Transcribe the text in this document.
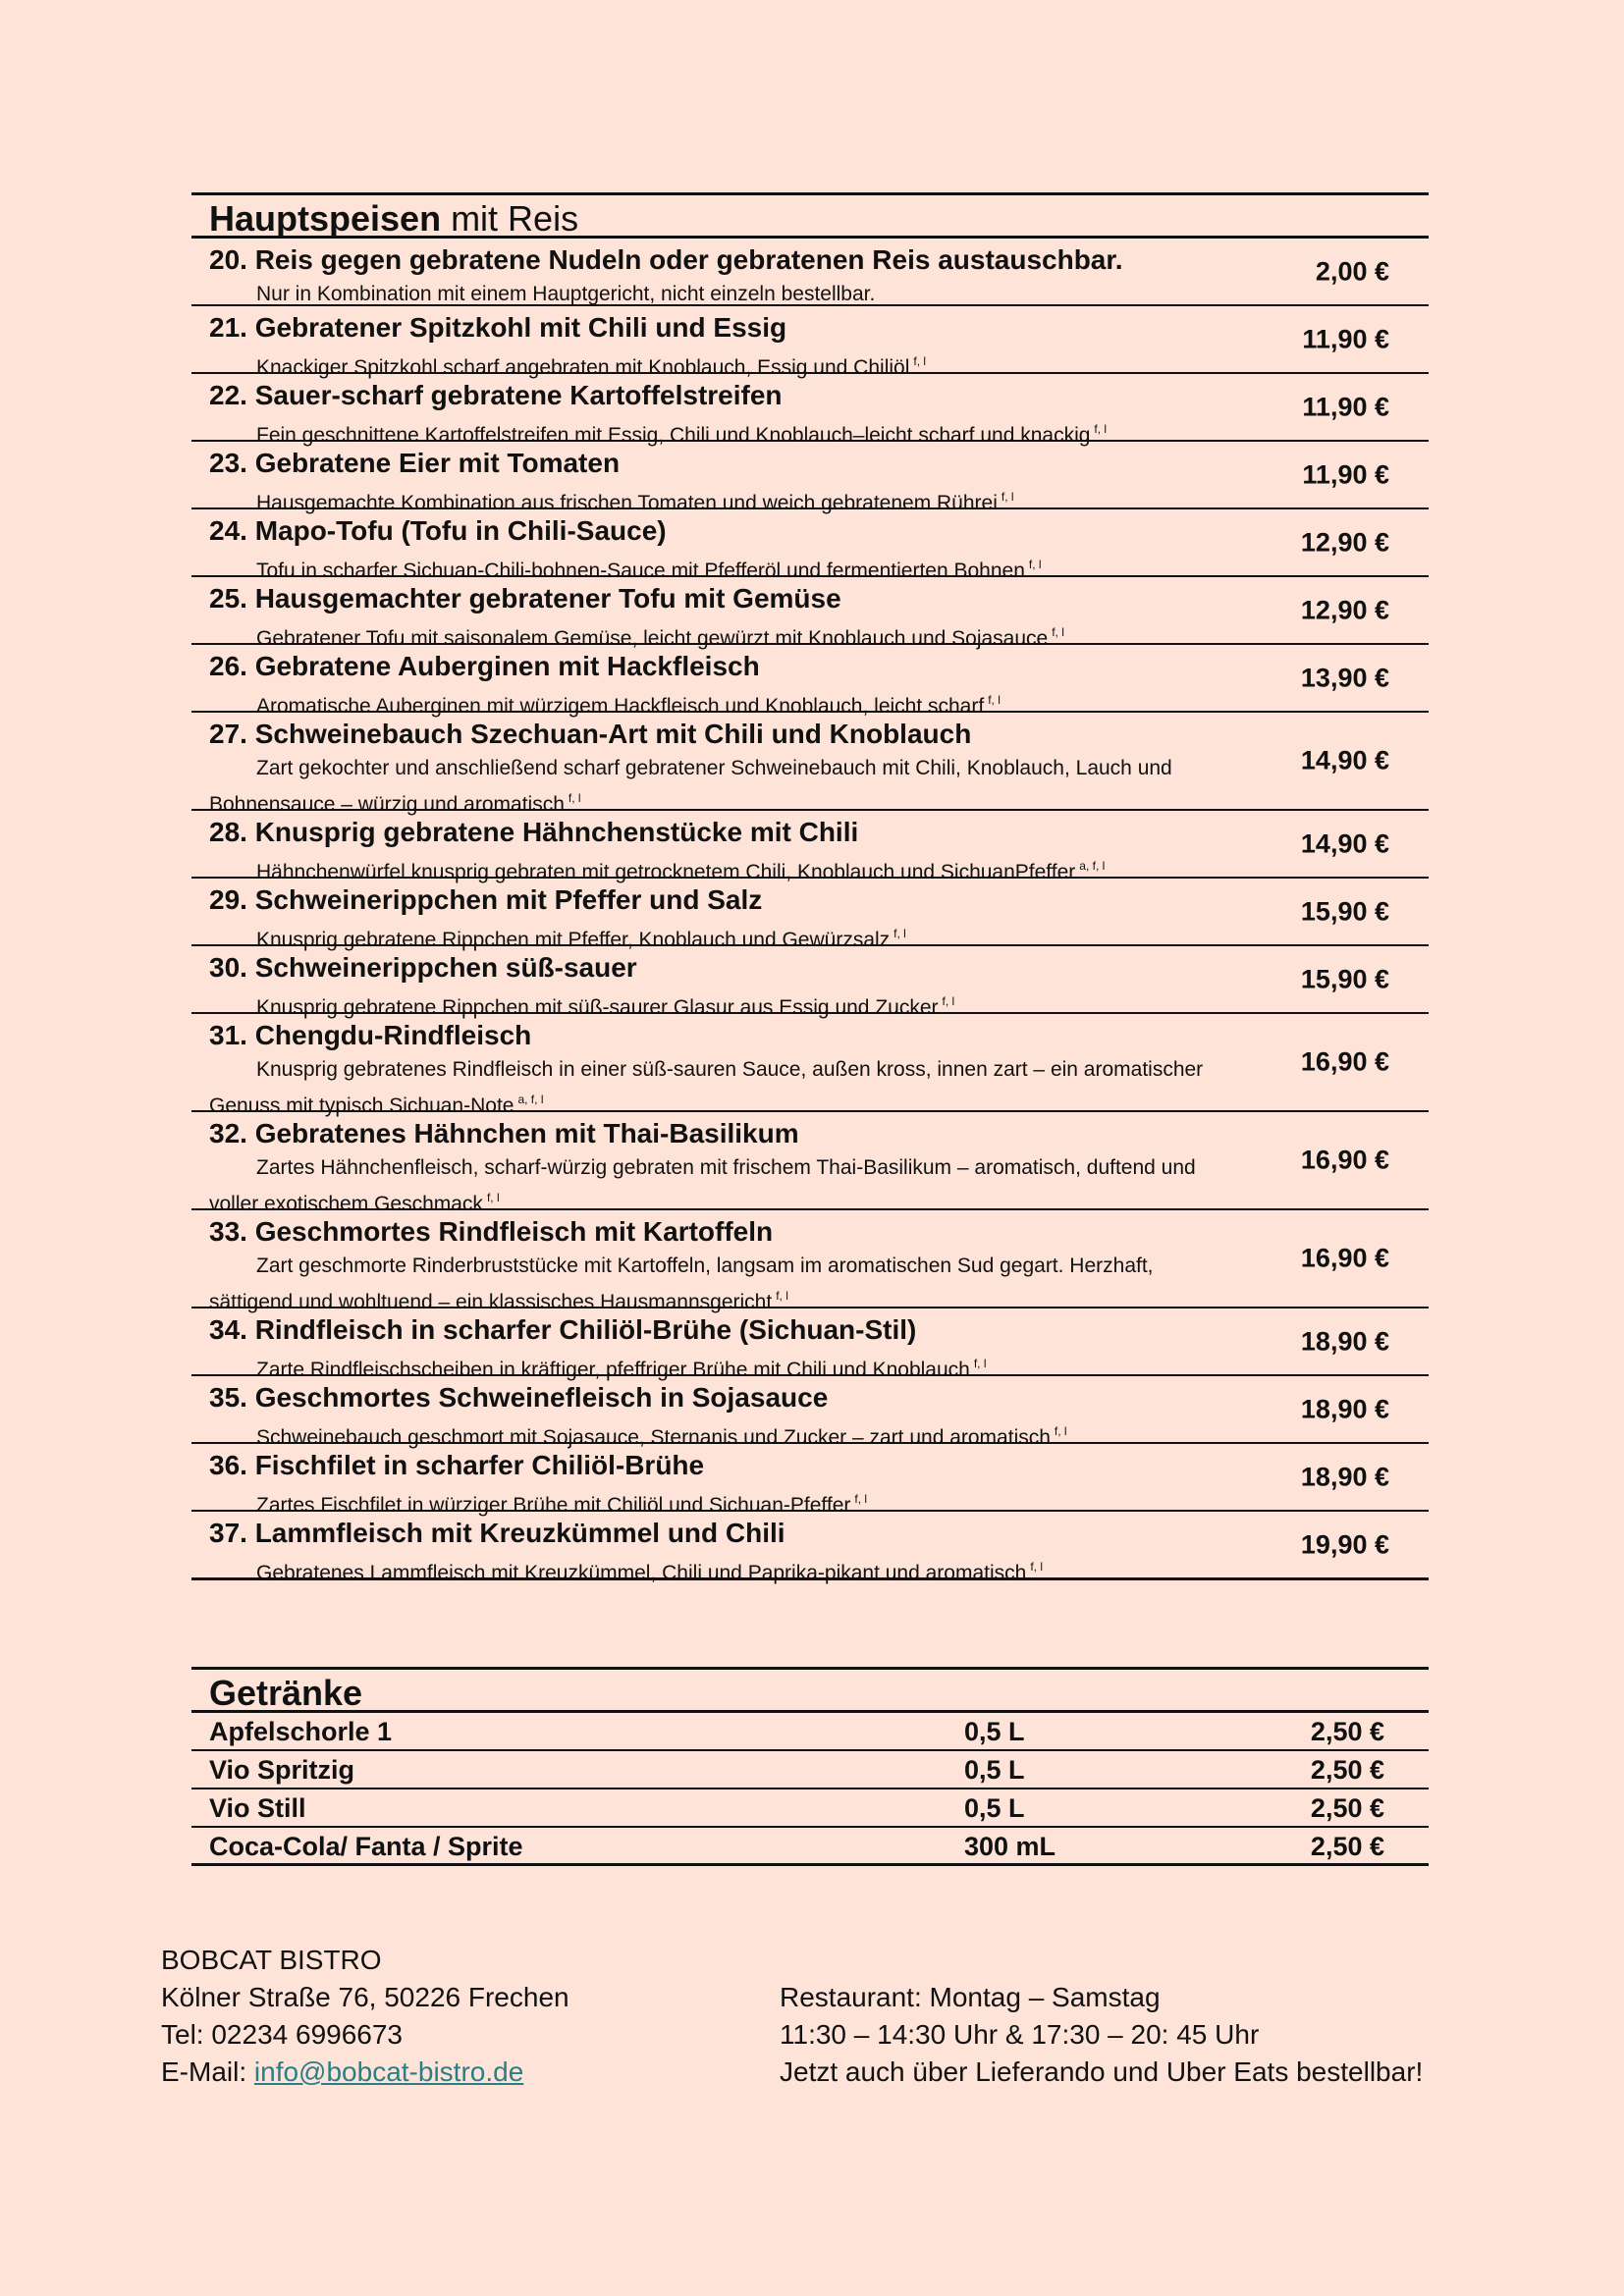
Hauptspeisen mit Reis
20. Reis gegen gebratene Nudeln oder gebratenen Reis austauschbar.
Nur in Kombination mit einem Hauptgericht, nicht einzeln bestellbar.
2,00 €
21. Gebratener Spitzkohl mit Chili und Essig
Knackiger Spitzkohl scharf angebraten mit Knoblauch, Essig und Chiliöl $^{f, l}$
11,90 €
22. Sauer-scharf gebratene Kartoffelstreifen
Fein geschnittene Kartoffelstreifen mit Essig, Chili und Knoblauch–leicht scharf und knackig $^{f, l}$
11,90 €
23. Gebratene Eier mit Tomaten
Hausgemachte Kombination aus frischen Tomaten und weich gebratenem Rührei $^{f, l}$
11,90 €
24. Mapo-Tofu (Tofu in Chili-Sauce)
Tofu in scharfer Sichuan-Chili-bohnen-Sauce mit Pfefferöl und fermentierten Bohnen $^{f, l}$
12,90 €
25. Hausgemachter gebratener Tofu mit Gemüse
Gebratener Tofu mit saisonalem Gemüse, leicht gewürzt mit Knoblauch und Sojasauce $^{f, l}$
12,90 €
26. Gebratene Auberginen mit Hackfleisch
Aromatische Auberginen mit würzigem Hackfleisch und Knoblauch, leicht scharf $^{f, l}$
13,90 €
27. Schweinebauch Szechuan-Art mit Chili und Knoblauch
Zart gekochter und anschließend scharf gebratener Schweinebauch mit Chili, Knoblauch, Lauch und Bohnensauce – würzig und aromatisch $^{f, l}$
14,90 €
28. Knusprig gebratene Hähnchenstücke mit Chili
Hähnchenwürfel knusprig gebraten mit getrocknetem Chili, Knoblauch und SichuanPfeffer $^{a, f, l}$
14,90 €
29. Schweinerippchen mit Pfeffer und Salz
Knusprig gebratene Rippchen mit Pfeffer, Knoblauch und Gewürzsalz $^{f, l}$
15,90 €
30. Schweinerippchen süß-sauer
Knusprig gebratene Rippchen mit süß-saurer Glasur aus Essig und Zucker $^{f, l}$
15,90 €
31. Chengdu-Rindfleisch
Knusprig gebratenes Rindfleisch in einer süß-sauren Sauce, außen kross, innen zart – ein aromatischer Genuss mit typisch Sichuan-Note $^{a, f, l}$
16,90 €
32. Gebratenes Hähnchen mit Thai-Basilikum
Zartes Hähnchenfleisch, scharf-würzig gebraten mit frischem Thai-Basilikum – aromatisch, duftend und voller exotischem Geschmack $^{f, l}$
16,90 €
33. Geschmortes Rindfleisch mit Kartoffeln
Zart geschmorte Rinderbruststücke mit Kartoffeln, langsam im aromatischen Sud gegart. Herzhaft, sättigend und wohltuend – ein klassisches Hausmannsgericht $^{f, l}$
16,90 €
34. Rindfleisch in scharfer Chiliöl-Brühe (Sichuan-Stil)
Zarte Rindfleischscheiben in kräftiger, pfeffriger Brühe mit Chili und Knoblauch $^{f, l}$
18,90 €
35. Geschmortes Schweinefleisch in Sojasauce
Schweinebauch geschmort mit Sojasauce, Sternanis und Zucker – zart und aromatisch $^{f, l}$
18,90 €
36. Fischfilet in scharfer Chiliöl-Brühe
Zartes Fischfilet in würziger Brühe mit Chiliöl und Sichuan-Pfeffer $^{f, l}$
18,90 €
37. Lammfleisch mit Kreuzkümmel und Chili
Gebratenes Lammfleisch mit Kreuzkümmel, Chili und Paprika-pikant und aromatisch $^{f, l}$
19,90 €
Getränke
Apfelschorle 1	0,5 L	2,50 €
Vio Spritzig	0,5 L	2,50 €
Vio Still	0,5 L	2,50 €
Coca-Cola/ Fanta / Sprite	300 mL	2,50 €
BOBCAT BISTRO
Kölner Straße 76, 50226 Frechen
Tel: 02234 6996673
E-Mail: info@bobcat-bistro.de
Restaurant: Montag – Samstag
11:30 – 14:30 Uhr & 17:30 – 20: 45 Uhr
Jetzt auch über Lieferando und Uber Eats bestellbar!
